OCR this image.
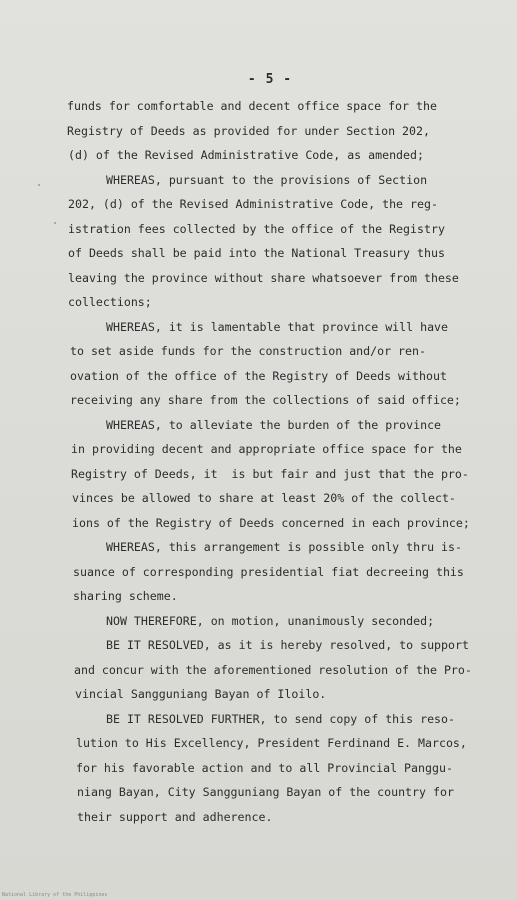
- 5 -
funds for comfortable and decent office space for the
Registry of Deeds as provided for under Section 202,
(d) of the Revised Administrative Code, as amended;
WHEREAS, pursuant to the provisions of Section
202, (d) of the Revised Administrative Code, the reg-
istration fees collected by the office of the Registry
of Deeds shall be paid into the National Treasury thus
leaving the province without share whatsoever from these
collections;
WHEREAS, it is lamentable that province will have
to set aside funds for the construction and/or ren-
ovation of the office of the Registry of Deeds without
receiving any share from the collections of said office;
WHEREAS, to alleviate the burden of the province
in providing decent and appropriate office space for the
Registry of Deeds, it  is but fair and just that the pro-
vinces be allowed to share at least 20% of the collect-
ions of the Registry of Deeds concerned in each province;
WHEREAS, this arrangement is possible only thru is-
suance of corresponding presidential fiat decreeing this
sharing scheme.
NOW THEREFORE, on motion, unanimously seconded;
BE IT RESOLVED, as it is hereby resolved, to support
and concur with the aforementioned resolution of the Pro-
vincial Sangguniang Bayan of Iloilo.
BE IT RESOLVED FURTHER, to send copy of this reso-
lution to His Excellency, President Ferdinand E. Marcos,
for his favorable action and to all Provincial Panggu-
niang Bayan, City Sangguniang Bayan of the country for
their support and adherence.
National Library of the Philippines
